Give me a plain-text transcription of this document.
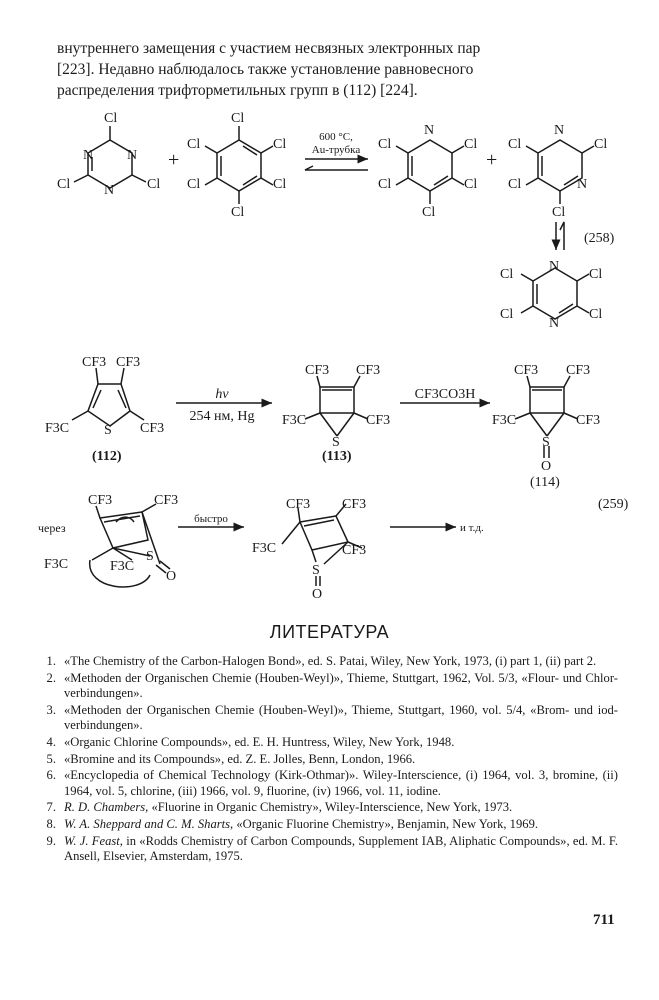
внутреннего замещения с участием несвязных электронных пар
[223]. Недавно наблюдалось также установление равновесного
распределения трифторметильных групп в (112) [224].

Cl
N N
N
Cl	Cl
+
Cl
Cl
Cl
Cl
Cl
Cl	600 °C,
Au-трубка
N
Cl
Cl
Cl
Cl
Cl
+
N
Cl
N
Cl
Cl
Cl
(258)
N
Cl
Cl
N
Cl
Cl
CF3 CF3
F3C S CF3
(112)
hν
254 нм, Hg
CF3 CF3
F3C	CF3
S
(113)
CF3CO3H
CF3 CF3
F3C	CF3
S
O
(114)
(259)
CF3	CF3
через
F3C	F3C
S
O
быстро
CF3 CF3
F3C	CF3
S
O
и т.д.
ЛИТЕРАТУРА
1. «The Chemistry of the Carbon-Halogen Bond», ed. S. Patai, Wiley, New York, 1973, (i) part 1, (ii) part 2.
2. «Methoden der Organischen Chemie (Houben-Weyl)», Thieme, Stuttgart, 1962, Vol. 5/3, «Flour- und Chlor-verbindungen».
3. «Methoden der Organischen Chemie (Houben-Weyl)», Thieme, Stuttgart, 1960, vol. 5/4, «Brom- und iod-verbindungen».
4. «Organic Chlorine Compounds», ed. E. H. Huntress, Wiley, New York, 1948.
5. «Bromine and its Compounds», ed. Z. E. Jolles, Benn, London, 1966.
6. «Encyclopedia of Chemical Technology (Kirk-Othmar)». Wiley-Interscience, (i) 1964, vol. 3, bromine, (ii) 1964, vol. 5, chlorine, (iii) 1966, vol. 9, fluorine, (iv) 1966, vol. 11, iodine.
7. R. D. Chambers, «Fluorine in Organic Chemistry», Wiley-Interscience, New York, 1973.
8. W. A. Sheppard and C. M. Sharts, «Organic Fluorine Chemistry», Benjamin, New York, 1969.
9. W. J. Feast, in «Rodds Chemistry of Carbon Compounds, Supplement IAB, Aliphatic Compounds», ed. M. F. Ansell, Elsevier, Amsterdam, 1975.
711
